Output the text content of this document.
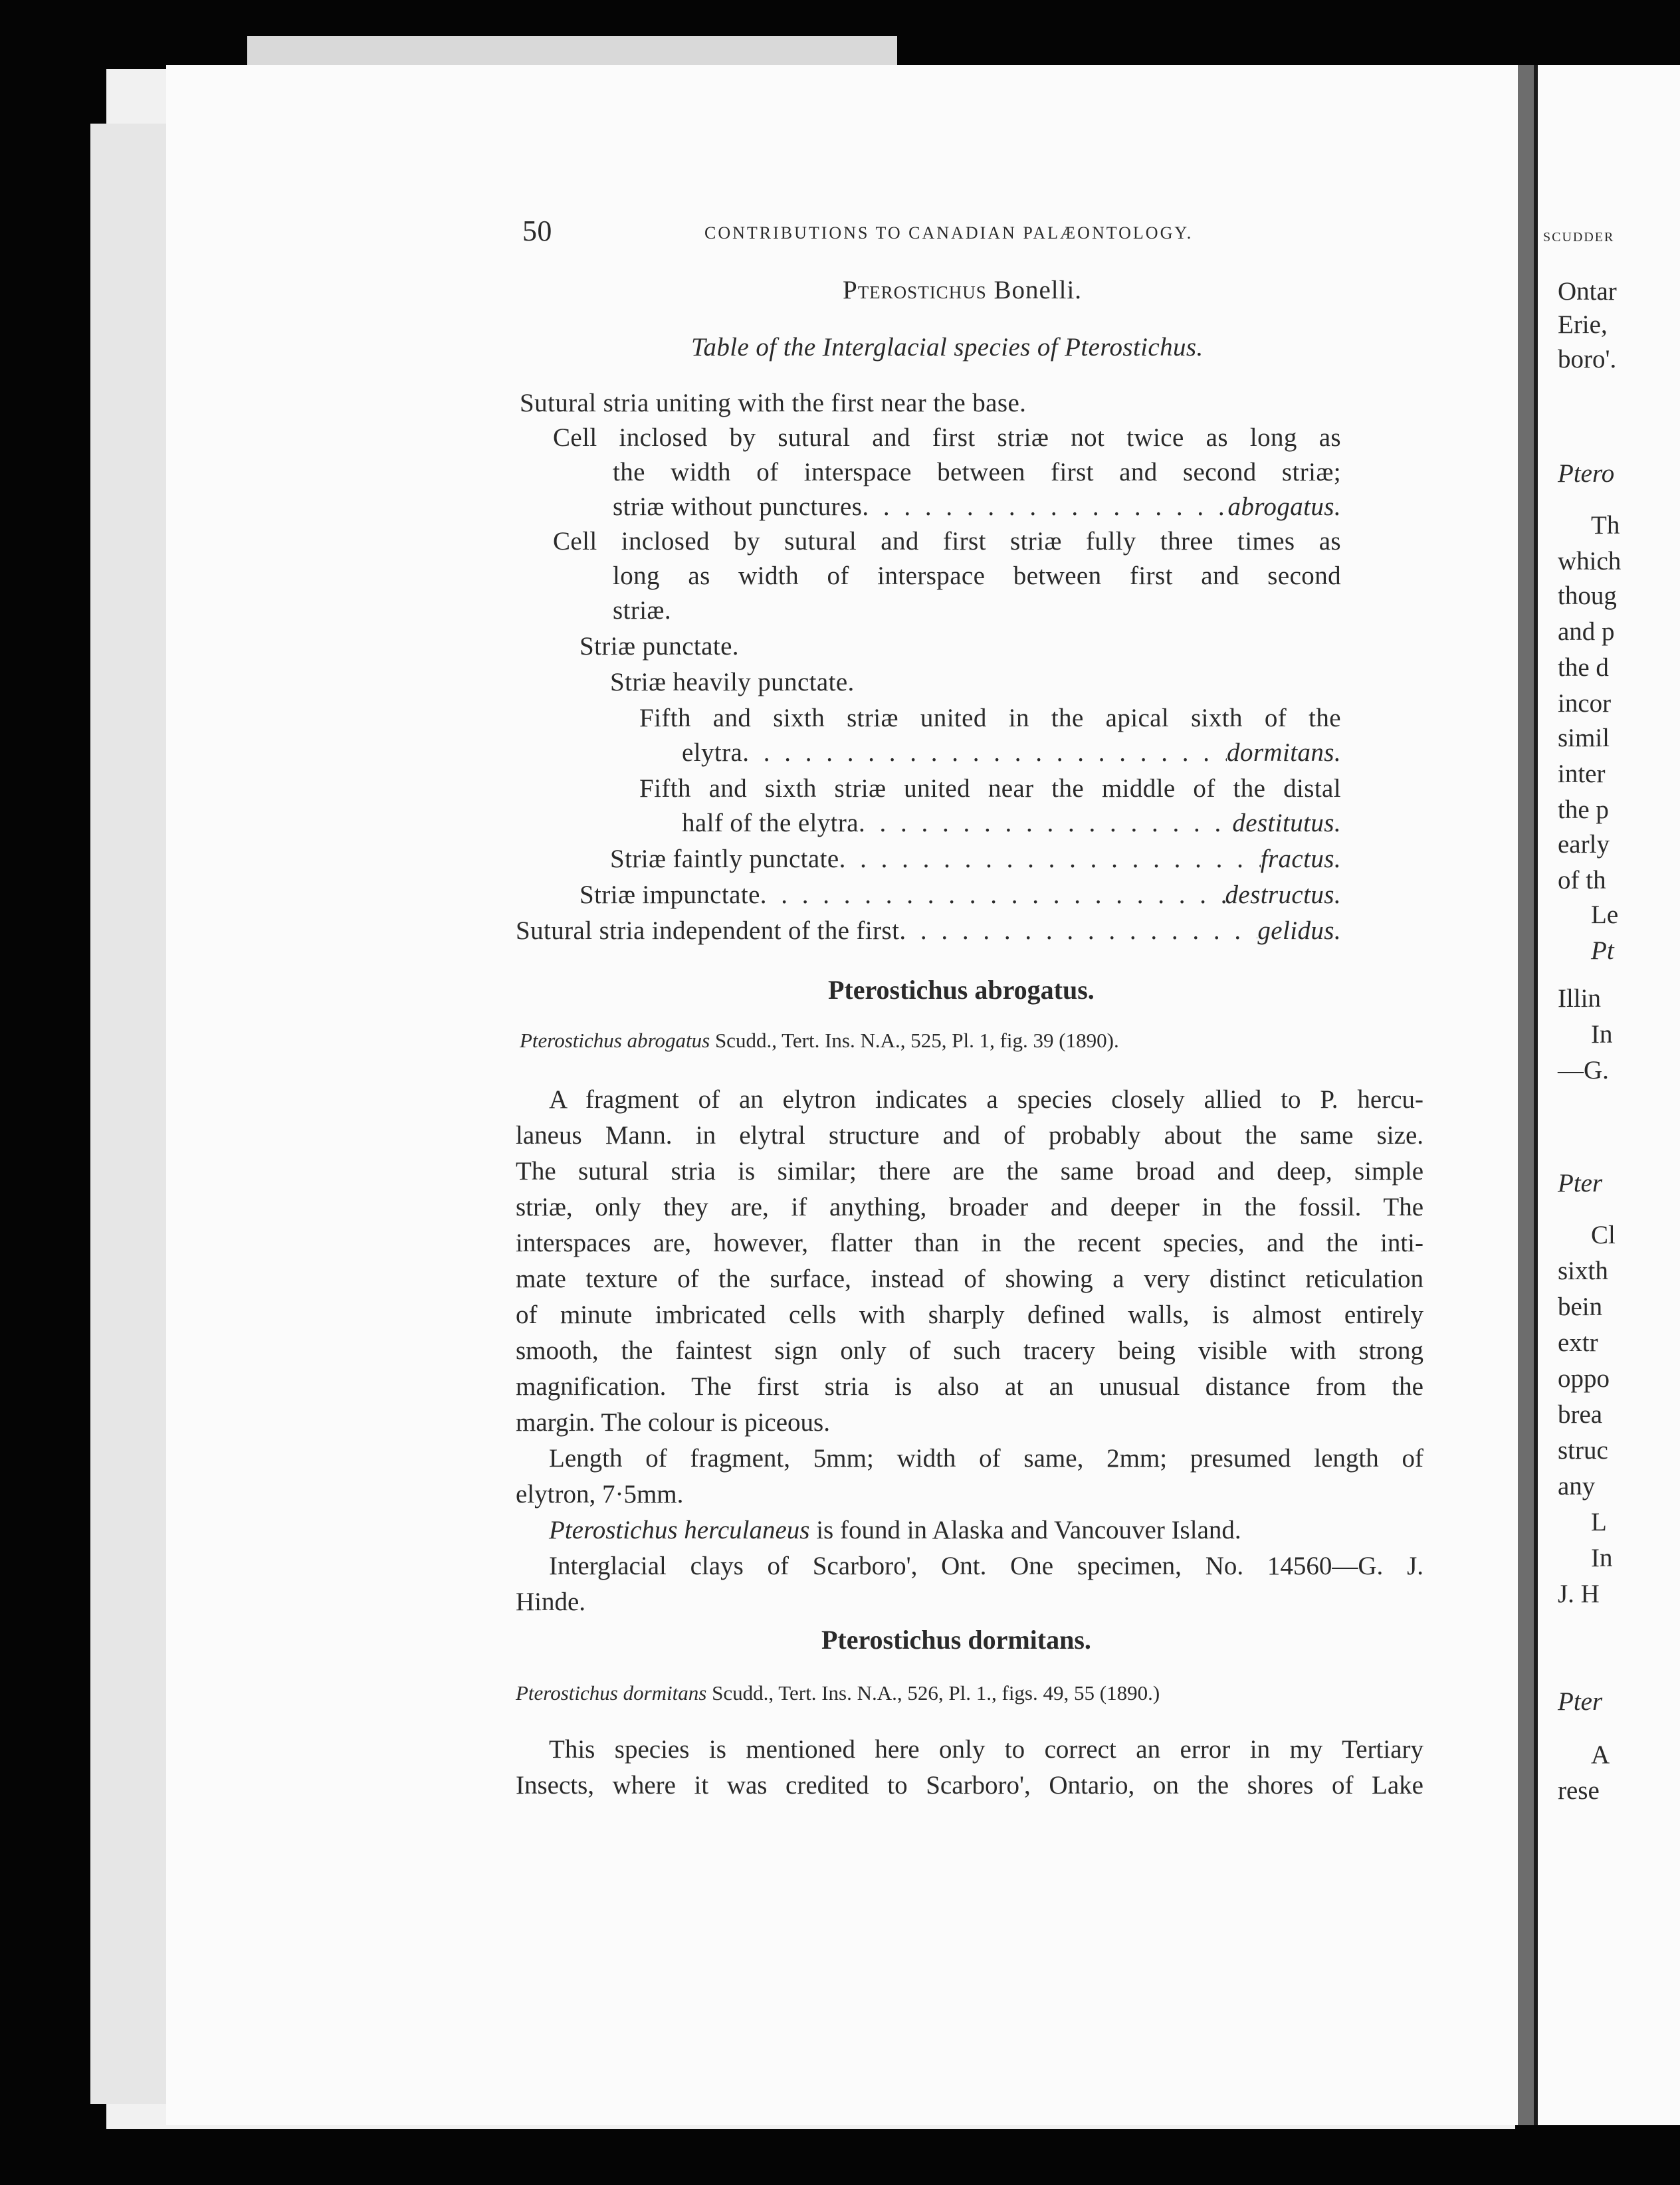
50	CONTRIBUTIONS TO CANADIAN PALÆONTOLOGY.
Pterostichus Bonelli.
Table of the Interglacial species of Pterostichus.
Sutural stria uniting with the first near the base.
Cell inclosed by sutural and first striæ not twice as long as
the width of interspace between first and second striæ;
striæ without punctures . . .	abrogatus.
Cell inclosed by sutural and first striæ fully three times as
long as width of interspace between first and second
striæ.
Striæ punctate.
Striæ heavily punctate.
Fifth and sixth striæ united in the apical sixth of the
elytra . . .	dormitans.
Fifth and sixth striæ united near the middle of the distal
half of the elytra . . .	destitutus.
Striæ faintly punctate . . .	fractus.
Striæ impunctate . . .	destructus.
Sutural stria independent of the first . . .	gelidus.
Pterostichus abrogatus.
Pterostichus abrogatus Scudd., Tert. Ins. N.A., 525, Pl. 1, fig. 39 (1890).
A fragment of an elytron indicates a species closely allied to P. hercu-
laneus Mann. in elytral structure and of probably about the same size.
The sutural stria is similar; there are the same broad and deep, simple
striæ, only they are, if anything, broader and deeper in the fossil. The
interspaces are, however, flatter than in the recent species, and the inti-
mate texture of the surface, instead of showing a very distinct reticulation
of minute imbricated cells with sharply defined walls, is almost entirely
smooth, the faintest sign only of such tracery being visible with strong
magnification. The first stria is also at an unusual distance from the
margin. The colour is piceous.
Length of fragment, 5mm; width of same, 2mm; presumed length of
elytron, 7·5mm.
Pterostichus herculaneus is found in Alaska and Vancouver Island.
Interglacial clays of Scarboro', Ont. One specimen, No. 14560—G. J.
Hinde.
Pterostichus dormitans.
Pterostichus dormitans Scudd., Tert. Ins. N.A., 526, Pl. 1., figs. 49, 55 (1890.)
This species is mentioned here only to correct an error in my Tertiary
Insects, where it was credited to Scarboro', Ontario, on the shores of Lake
SCUDDER
Ontar
Erie,
boro'.
Ptero
Th
which
thoug
and p
the d
incor
simil
inter
the p
early
of th
Le
Pt
Illin
In
—G.
Pter
Cl
sixth
bein
extr
oppo
brea
struc
any
L
In
J. H
Pter
A
rese
